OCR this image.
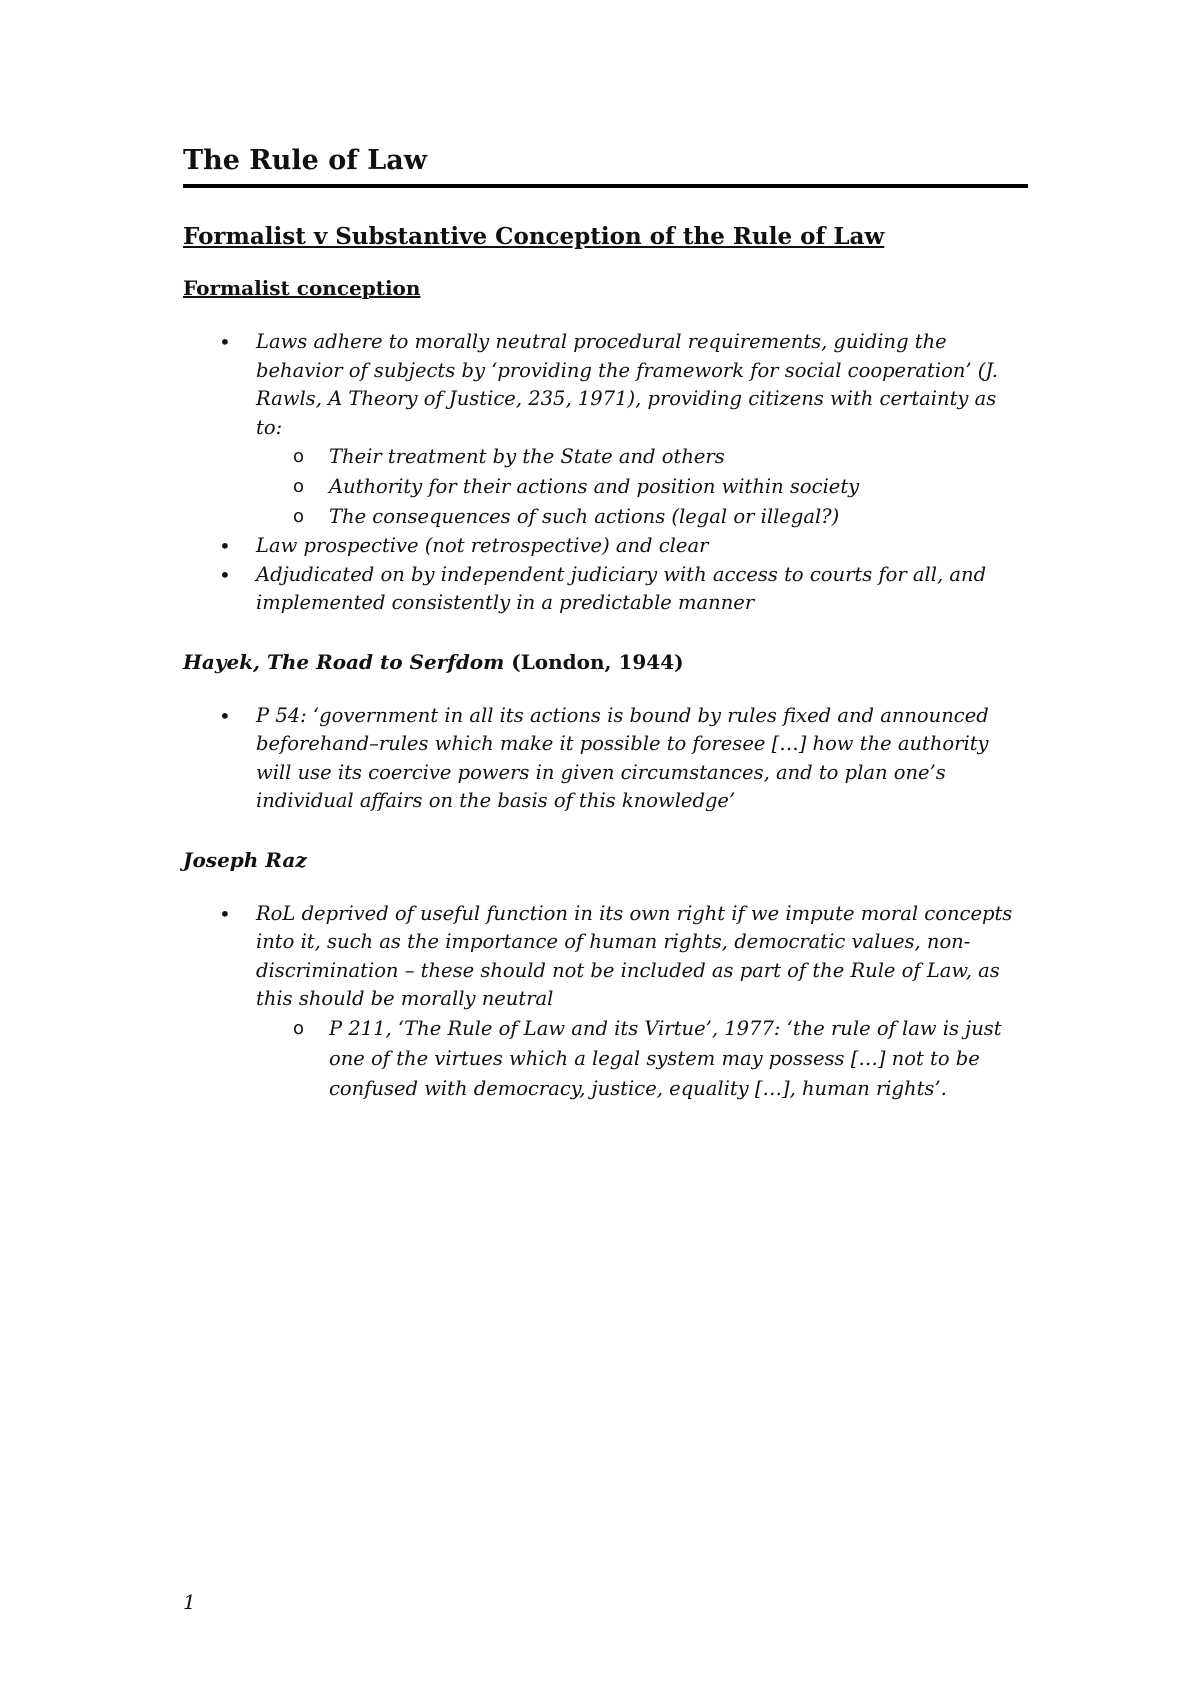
The Rule of Law
Formalist v Substantive Conception of the Rule of Law
Formalist conception
• Laws adhere to morally neutral procedural requirements, guiding the behavior of subjects by ‘providing the framework for social cooperation’ (J. Rawls, A Theory of Justice, 235, 1971), providing citizens with certainty as to:
o Their treatment by the State and others
o Authority for their actions and position within society
o The consequences of such actions (legal or illegal?)
• Law prospective (not retrospective) and clear
• Adjudicated on by independent judiciary with access to courts for all, and implemented consistently in a predictable manner
Hayek, The Road to Serfdom (London, 1944)
• P 54: ‘government in all its actions is bound by rules fixed and announced beforehand–rules which make it possible to foresee […] how the authority will use its coercive powers in given circumstances, and to plan one’s individual affairs on the basis of this knowledge’
Joseph Raz
• RoL deprived of useful function in its own right if we impute moral concepts into it, such as the importance of human rights, democratic values, non-discrimination – these should not be included as part of the Rule of Law, as this should be morally neutral
o P 211, ‘The Rule of Law and its Virtue’, 1977: ‘the rule of law is just one of the virtues which a legal system may possess […] not to be confused with democracy, justice, equality […], human rights’.
1
